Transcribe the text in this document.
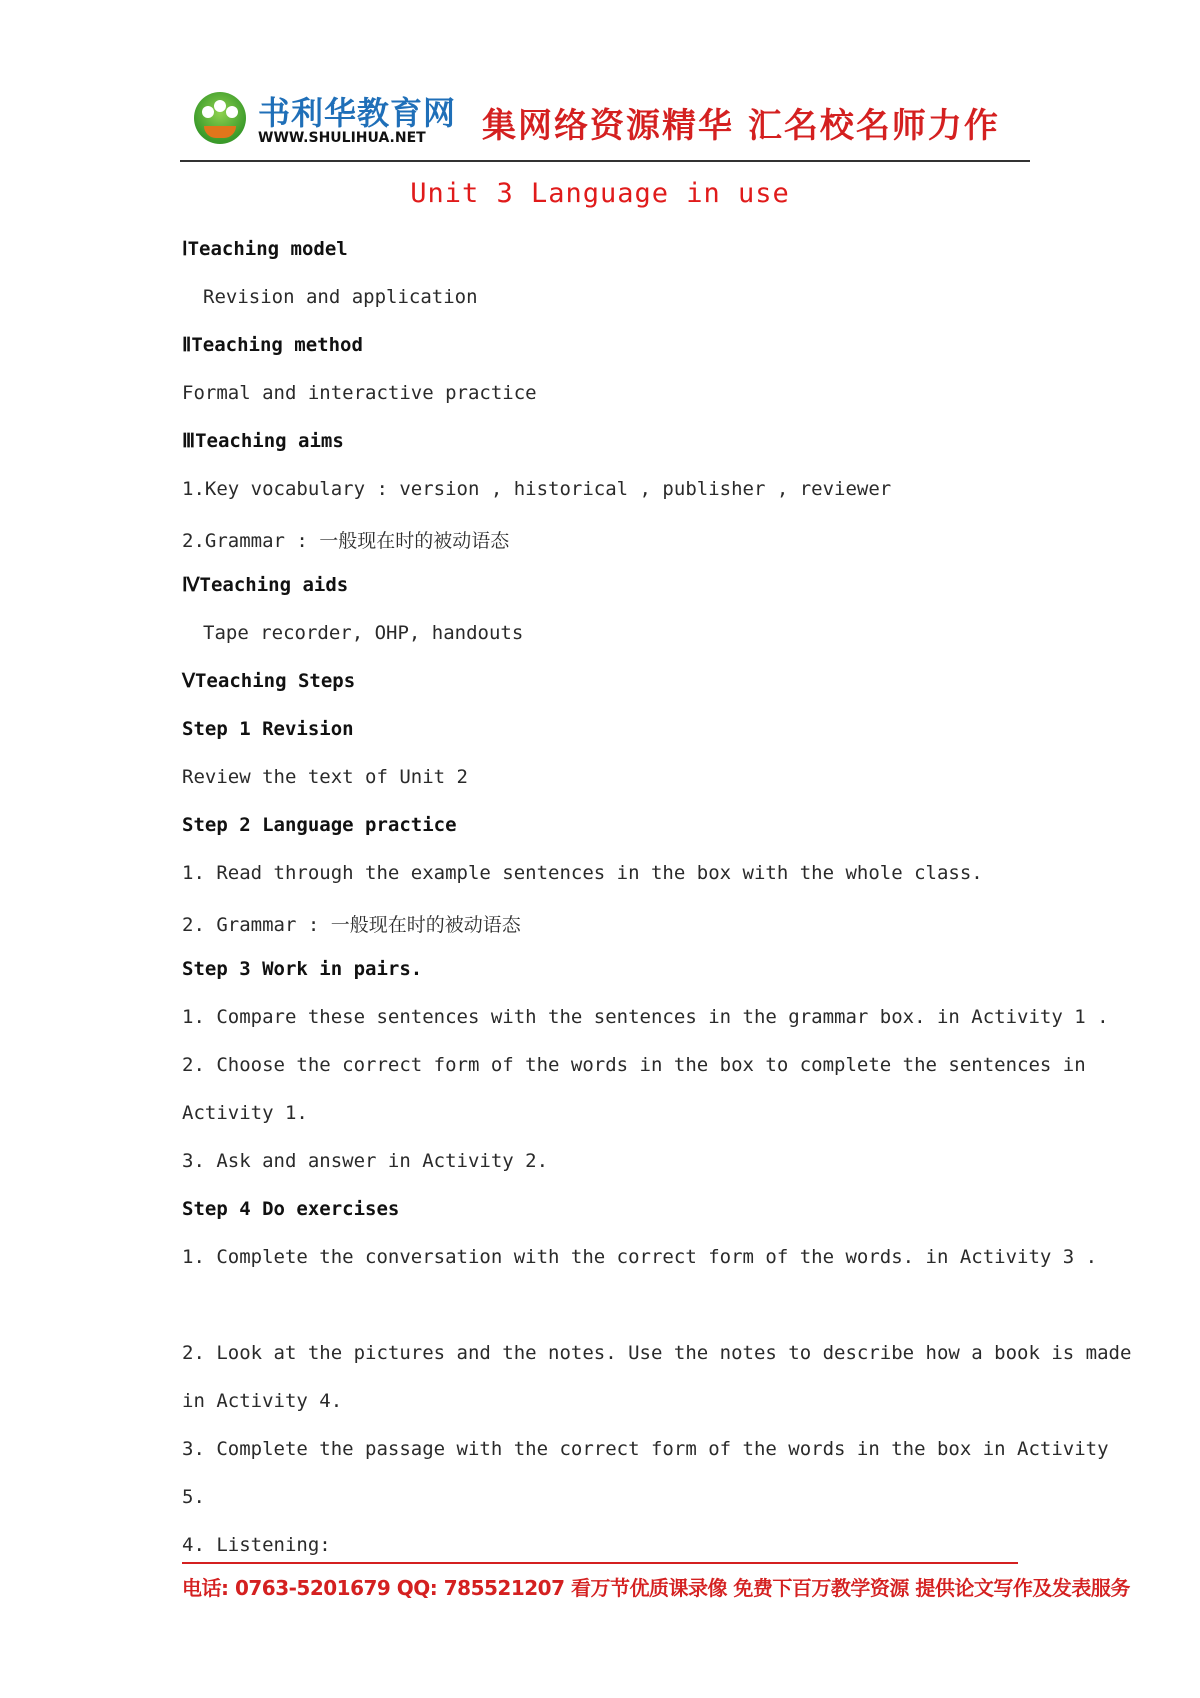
书利华教育网
WWW.SHULIHUA.NET 集网络资源精华 汇名校名师力作
Unit 3 Language in use
ⅠTeaching model
Revision and application
ⅡTeaching method
Formal and interactive practice
ⅢTeaching aims
1.Key vocabulary : version , historical , publisher , reviewer
2.Grammar : 一般现在时的被动语态
ⅣTeaching aids
Tape recorder, OHP, handouts
ⅤTeaching Steps
Step 1 Revision
Review the text of Unit 2
Step 2 Language practice
1. Read through the example sentences in the box with the whole class.
2. Grammar : 一般现在时的被动语态
Step 3 Work in pairs.
1. Compare these sentences with the sentences in the grammar box. in Activity 1 .
2. Choose the correct form of the words in the box to complete the sentences in
Activity 1.
3. Ask and answer in Activity 2.
Step 4 Do exercises
1. Complete the conversation with the correct form of the words. in Activity 3 .
2. Look at the pictures and the notes. Use the notes to describe how a book is made
in Activity 4.
3. Complete the passage with the correct form of the words in the box in Activity
5.
4. Listening:
电话: 0763-5201679 QQ: 785521207 看万节优质课录像 免费下百万教学资源 提供论文写作及发表服务
